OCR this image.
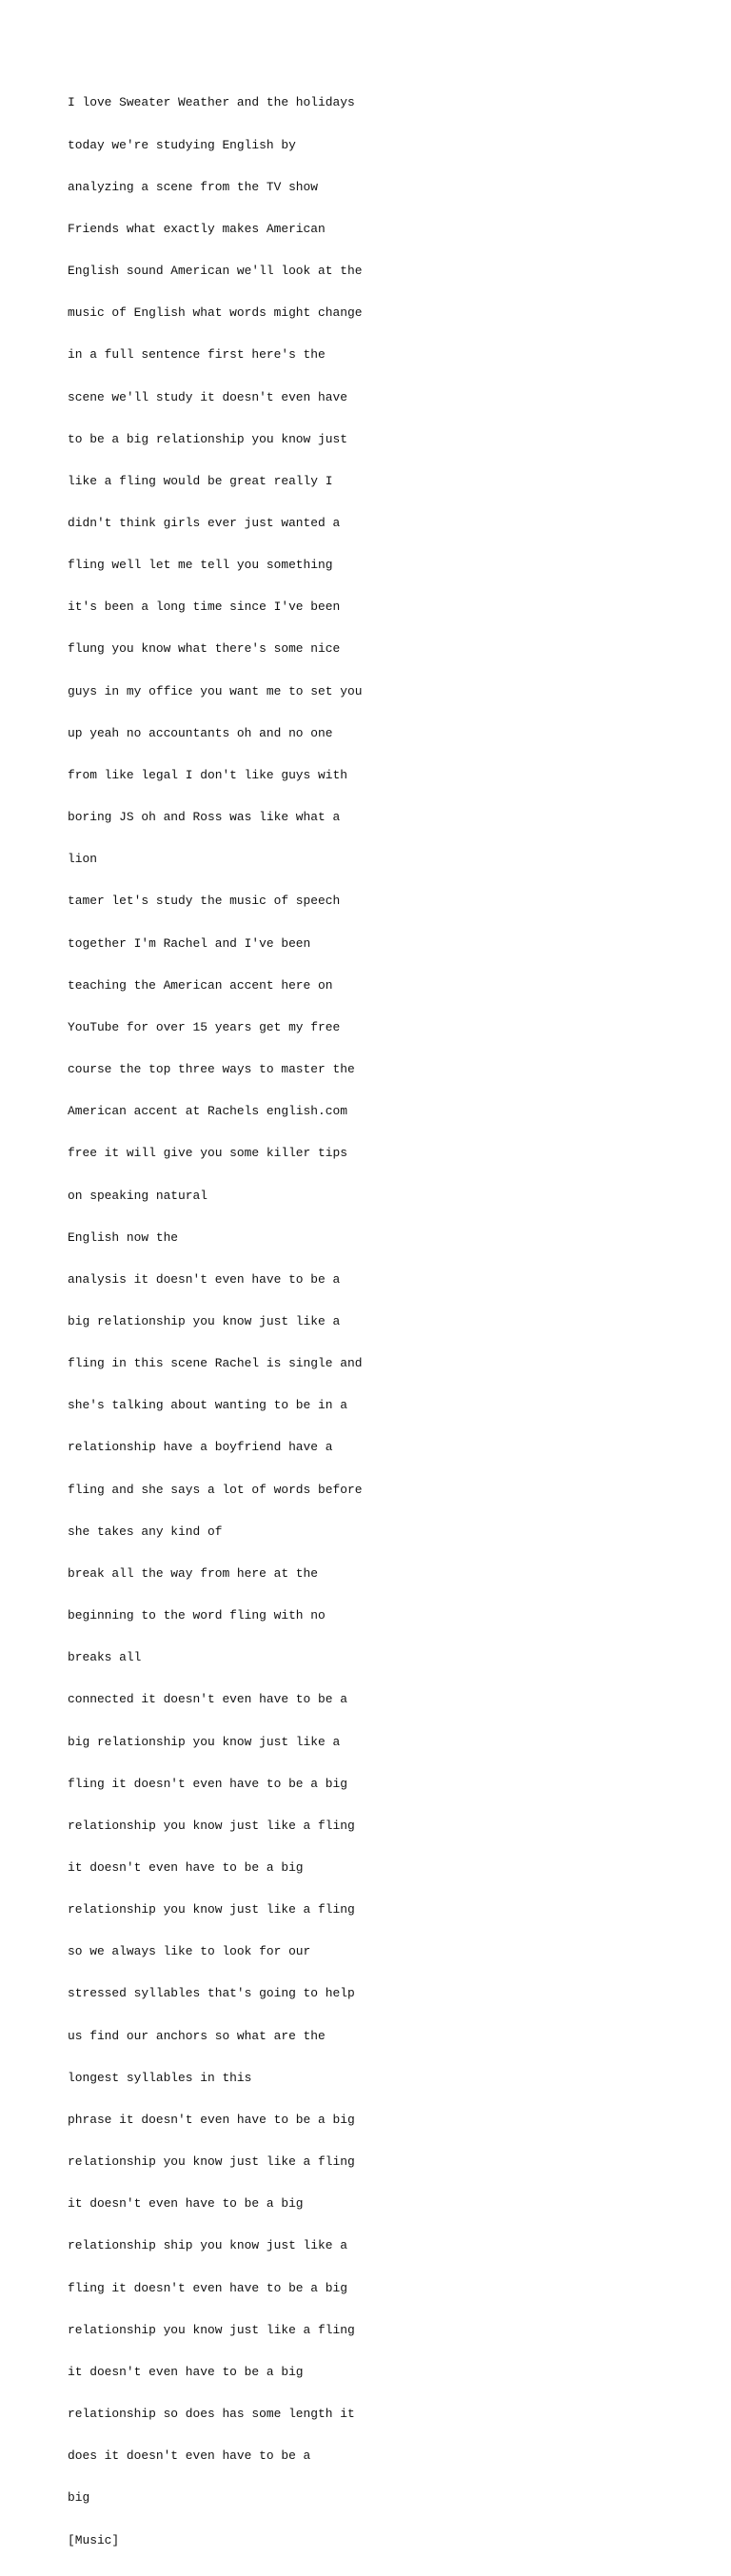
I love Sweater Weather and the holidays

today we're studying English by

analyzing a scene from the TV show

Friends what exactly makes American

English sound American we'll look at the

music of English what words might change

in a full sentence first here's the

scene we'll study it doesn't even have

to be a big relationship you know just

like a fling would be great really I

didn't think girls ever just wanted a

fling well let me tell you something

it's been a long time since I've been

flung you know what there's some nice

guys in my office you want me to set you

up yeah no accountants oh and no one

from like legal I don't like guys with

boring JS oh and Ross was like what a

lion

tamer let's study the music of speech

together I'm Rachel and I've been

teaching the American accent here on

YouTube for over 15 years get my free

course the top three ways to master the

American accent at Rachels english.com

free it will give you some killer tips

on speaking natural

English now the

analysis it doesn't even have to be a

big relationship you know just like a

fling in this scene Rachel is single and

she's talking about wanting to be in a

relationship have a boyfriend have a

fling and she says a lot of words before

she takes any kind of

break all the way from here at the

beginning to the word fling with no

breaks all

connected it doesn't even have to be a

big relationship you know just like a

fling it doesn't even have to be a big

relationship you know just like a fling

it doesn't even have to be a big

relationship you know just like a fling

so we always like to look for our

stressed syllables that's going to help

us find our anchors so what are the

longest syllables in this

phrase it doesn't even have to be a big

relationship you know just like a fling

it doesn't even have to be a big

relationship ship you know just like a

fling it doesn't even have to be a big

relationship you know just like a fling

it doesn't even have to be a big

relationship so does has some length it

does it doesn't even have to be a

big

[Music]
